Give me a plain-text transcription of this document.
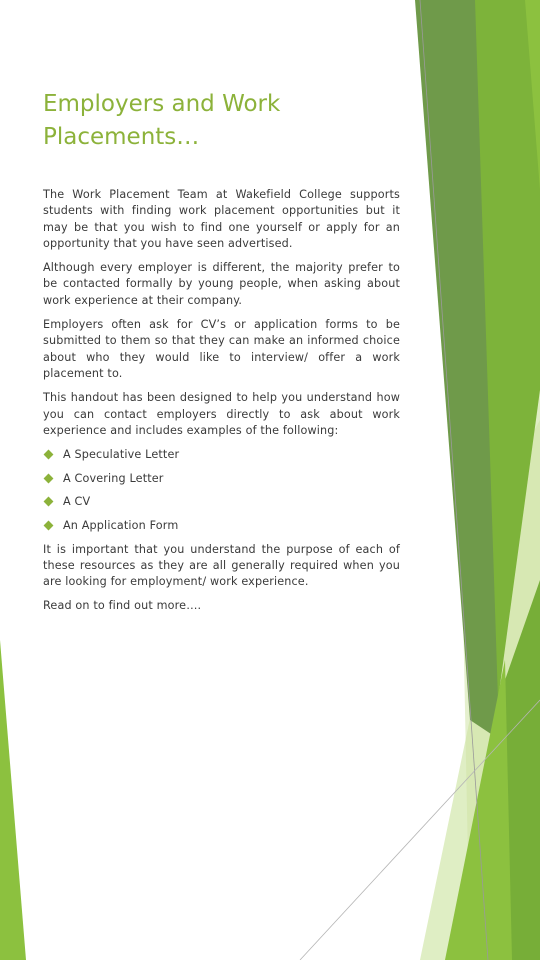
Employers and Work Placements…

The Work Placement Team at Wakefield College supports students with finding work placement opportunities but it may be that you wish to find one yourself or apply for an opportunity that you have seen advertised.

Although every employer is different, the majority prefer to be contacted formally by young people, when asking about work experience at their company.

Employers often ask for CV’s or application forms to be submitted to them so that they can make an informed choice about who they would like to interview/ offer a work placement to.

This handout has been designed to help you understand how you can contact employers directly to ask about work experience and includes examples of the following:

A Speculative Letter
A Covering Letter
A CV
An Application Form

It is important that you understand the purpose of each of these resources as they are all generally required when you are looking for employment/ work experience.

Read on to find out more….
